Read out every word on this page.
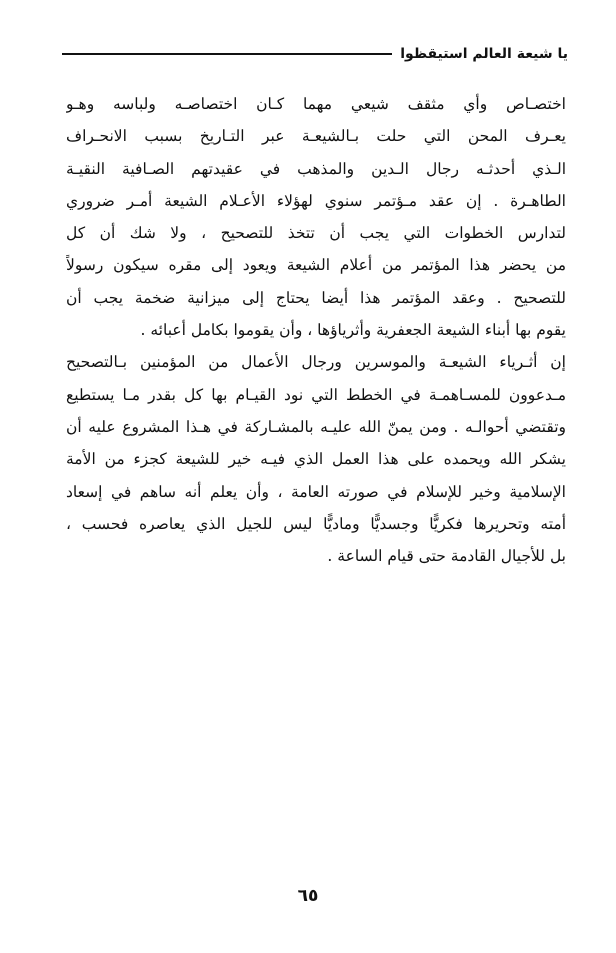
يا شيعة العالم استيقظوا
اختصـاص وأي مثقف شيعي مهما كـان اختصاصـه ولباسه وهـو
يعـرف المحن التي حلت بـالشيعـة عبر التـاريخ بسبب الانحـراف
الـذي أحدثـه رجال الـدين والمذهب في عقيدتهم الصـافية النقيـة
الطاهـرة . إن عقد مـؤتمر سنوي لهؤلاء الأعـلام الشيعة أمـر ضروري
لتدارس الخطوات التي يجب أن تتخذ للتصحيح ، ولا شك أن كل
من يحضر هذا المؤتمر من أعلام الشيعة ويعود إلى مقره سيكون رسولاً
للتصحيح . وعقد المؤتمر هذا أيضا يحتاج إلى ميزانية ضخمة يجب أن
يقوم بها أبناء الشيعة الجعفرية وأثرياؤها ، وأن يقوموا بكامل أعبائه .
إن أثـرياء الشيعـة والموسرين ورجال الأعمال من المؤمنين بـالتصحيح
مـدعوون للمسـاهمـة في الخطط التي نود القيـام بها كل بقدر مـا يستطيع
وتقتضي أحوالـه . ومن يمنّ الله عليـه بالمشـاركة في هـذا المشروع عليه أن
يشكر الله ويحمده على هذا العمل الذي فيـه خير للشيعة كجزء من الأمة
الإسلامية وخير للإسلام في صورته العامة ، وأن يعلم أنه ساهم في إسعاد
أمته وتحريرها فكريًّا وجسديًّا وماديًّا ليس للجيل الذي يعاصره فحسب ،
بل للأجيال القادمة حتى قيام الساعة .
٦٥
